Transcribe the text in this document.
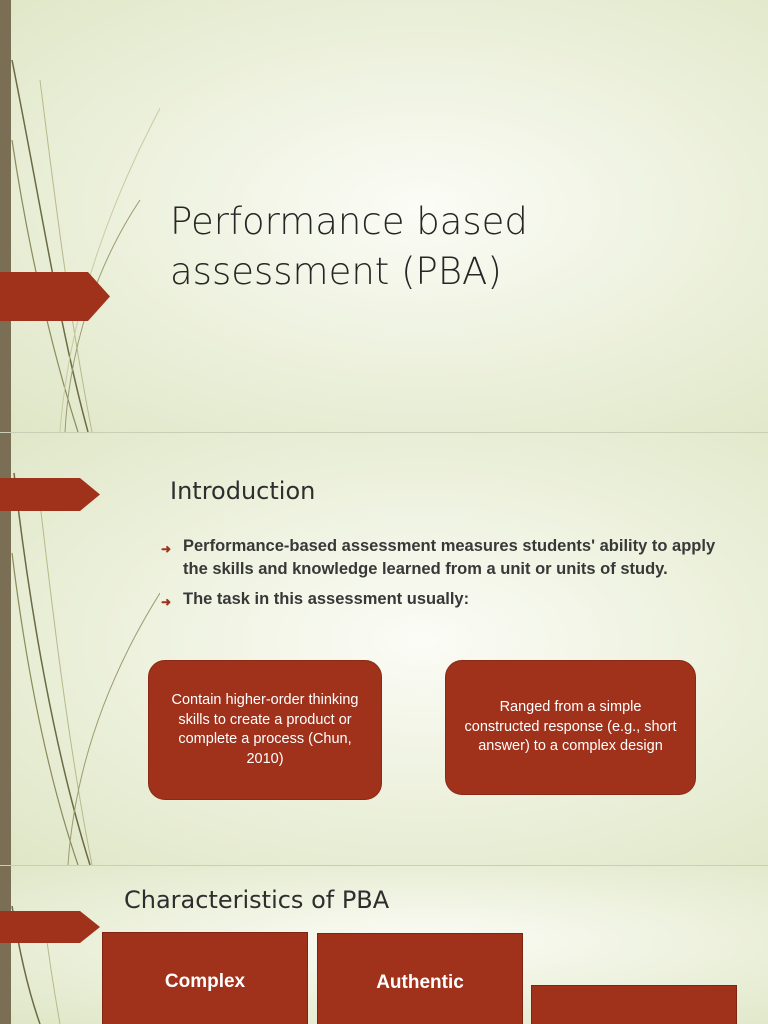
Performance based
assessment (PBA)
Introduction
➜ Performance-based assessment measures students' ability to apply the skills and knowledge learned from a unit or units of study.
➜ The task in this assessment usually:
Contain higher-order thinking skills to create a product or complete a process (Chun, 2010)
Ranged from a simple constructed response (e.g., short answer) to a complex design
Characteristics of PBA
Complex	Authentic
